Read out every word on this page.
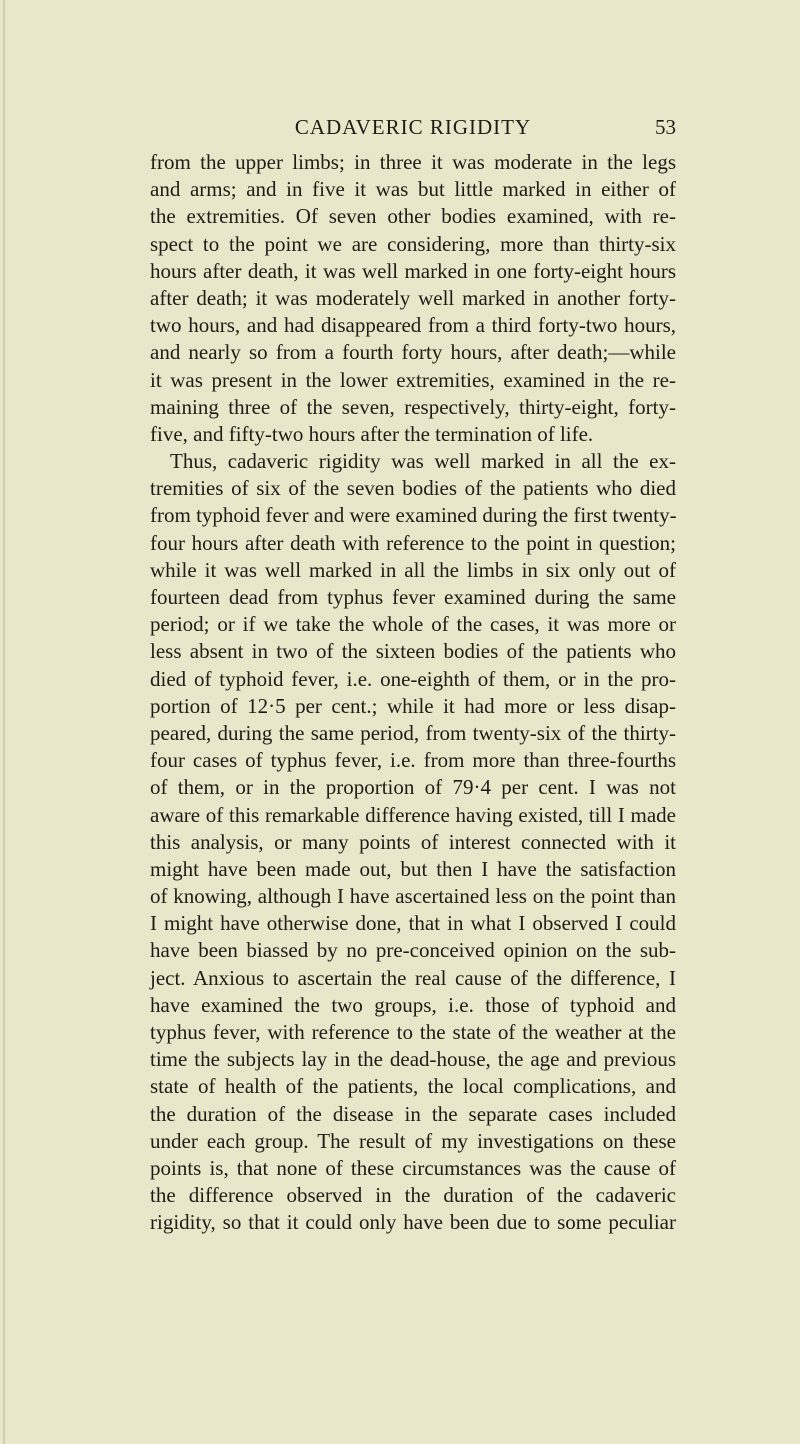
CADAVERIC RIGIDITY	53
from the upper limbs; in three it was moderate in the legs
and arms; and in five it was but little marked in either of
the extremities. Of seven other bodies examined, with re-
spect to the point we are considering, more than thirty-six
hours after death, it was well marked in one forty-eight hours
after death; it was moderately well marked in another forty-
two hours, and had disappeared from a third forty-two hours,
and nearly so from a fourth forty hours, after death;—while
it was present in the lower extremities, examined in the re-
maining three of the seven, respectively, thirty-eight, forty-
five, and fifty-two hours after the termination of life.
Thus, cadaveric rigidity was well marked in all the ex-
tremities of six of the seven bodies of the patients who died
from typhoid fever and were examined during the first twenty-
four hours after death with reference to the point in question;
while it was well marked in all the limbs in six only out of
fourteen dead from typhus fever examined during the same
period; or if we take the whole of the cases, it was more or
less absent in two of the sixteen bodies of the patients who
died of typhoid fever, i.e. one-eighth of them, or in the pro-
portion of 12·5 per cent.; while it had more or less disap-
peared, during the same period, from twenty-six of the thirty-
four cases of typhus fever, i.e. from more than three-fourths
of them, or in the proportion of 79·4 per cent. I was not
aware of this remarkable difference having existed, till I made
this analysis, or many points of interest connected with it
might have been made out, but then I have the satisfaction
of knowing, although I have ascertained less on the point than
I might have otherwise done, that in what I observed I could
have been biassed by no pre-conceived opinion on the sub-
ject. Anxious to ascertain the real cause of the difference, I
have examined the two groups, i.e. those of typhoid and
typhus fever, with reference to the state of the weather at the
time the subjects lay in the dead-house, the age and previous
state of health of the patients, the local complications, and
the duration of the disease in the separate cases included
under each group. The result of my investigations on these
points is, that none of these circumstances was the cause of
the difference observed in the duration of the cadaveric
rigidity, so that it could only have been due to some peculiar
